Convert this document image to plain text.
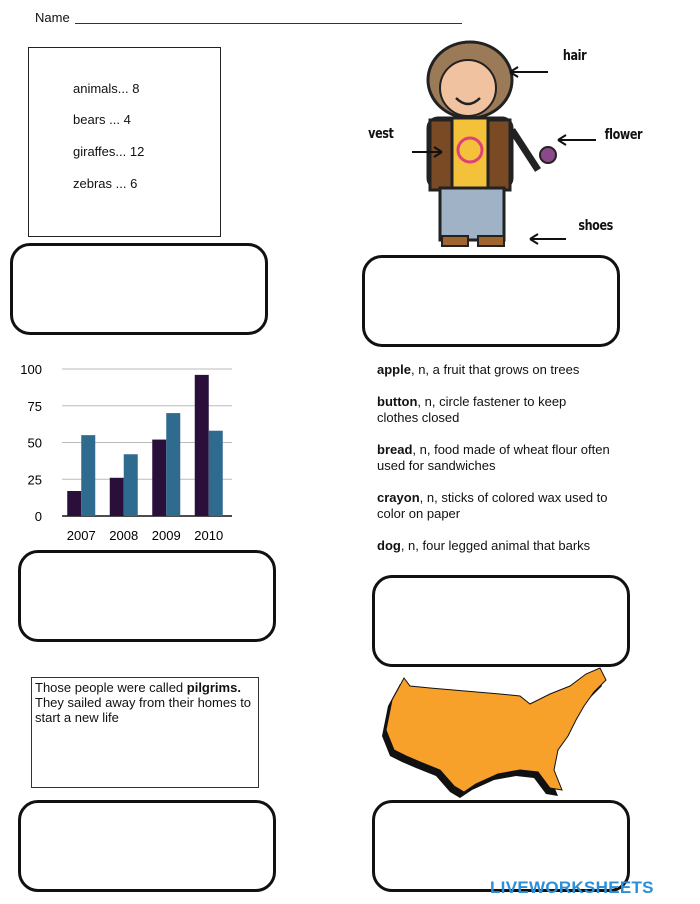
Name
animals... 8
bears ... 4
giraffes... 12
zebras ... 6
hair
vest	flower
shoes
0
25
50
75
100
2007 2008 2009 2010
apple, n, a fruit that grows on trees
button, n, circle fastener to keep clothes closed
bread, n, food made of wheat flour often used for sandwiches
crayon, n, sticks of colored wax used to color on paper
dog, n, four legged animal that barks
Those people were called pilgrims. They sailed away from their homes to start a new life
LIVEWORKSHEETS
